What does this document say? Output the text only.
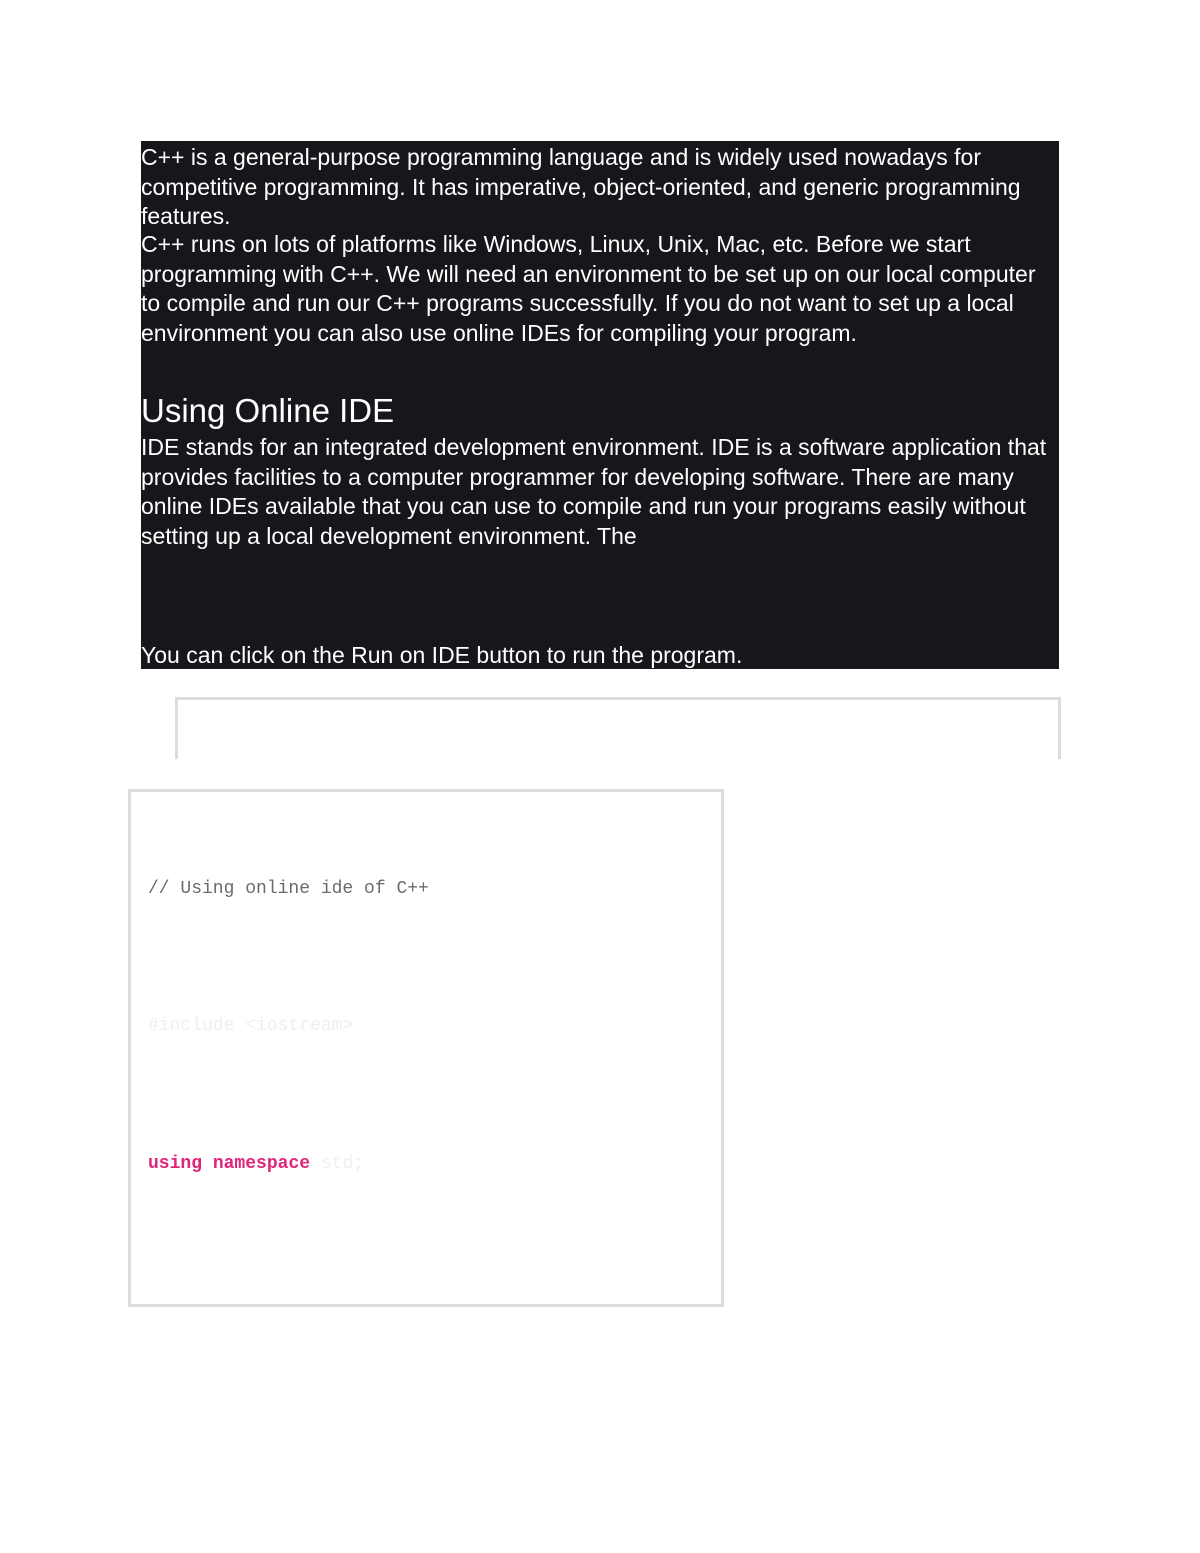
C++ is a general-purpose programming language and is widely used nowadays for competitive programming. It has imperative, object-oriented, and generic programming features.

C++ runs on lots of platforms like Windows, Linux, Unix, Mac, etc. Before we start programming with C++. We will need an environment to be set up on our local computer to compile and run our C++ programs successfully. If you do not want to set up a local environment you can also use online IDEs for compiling your program.

Using Online IDE

IDE stands for an integrated development environment. IDE is a software application that provides facilities to a computer programmer for developing software. There are many online IDEs available that you can use to compile and run your programs easily without setting up a local development environment. The

You can click on the Run on IDE button to run the program.

// Using online ide of C++
#include <iostream>
using namespace std;
